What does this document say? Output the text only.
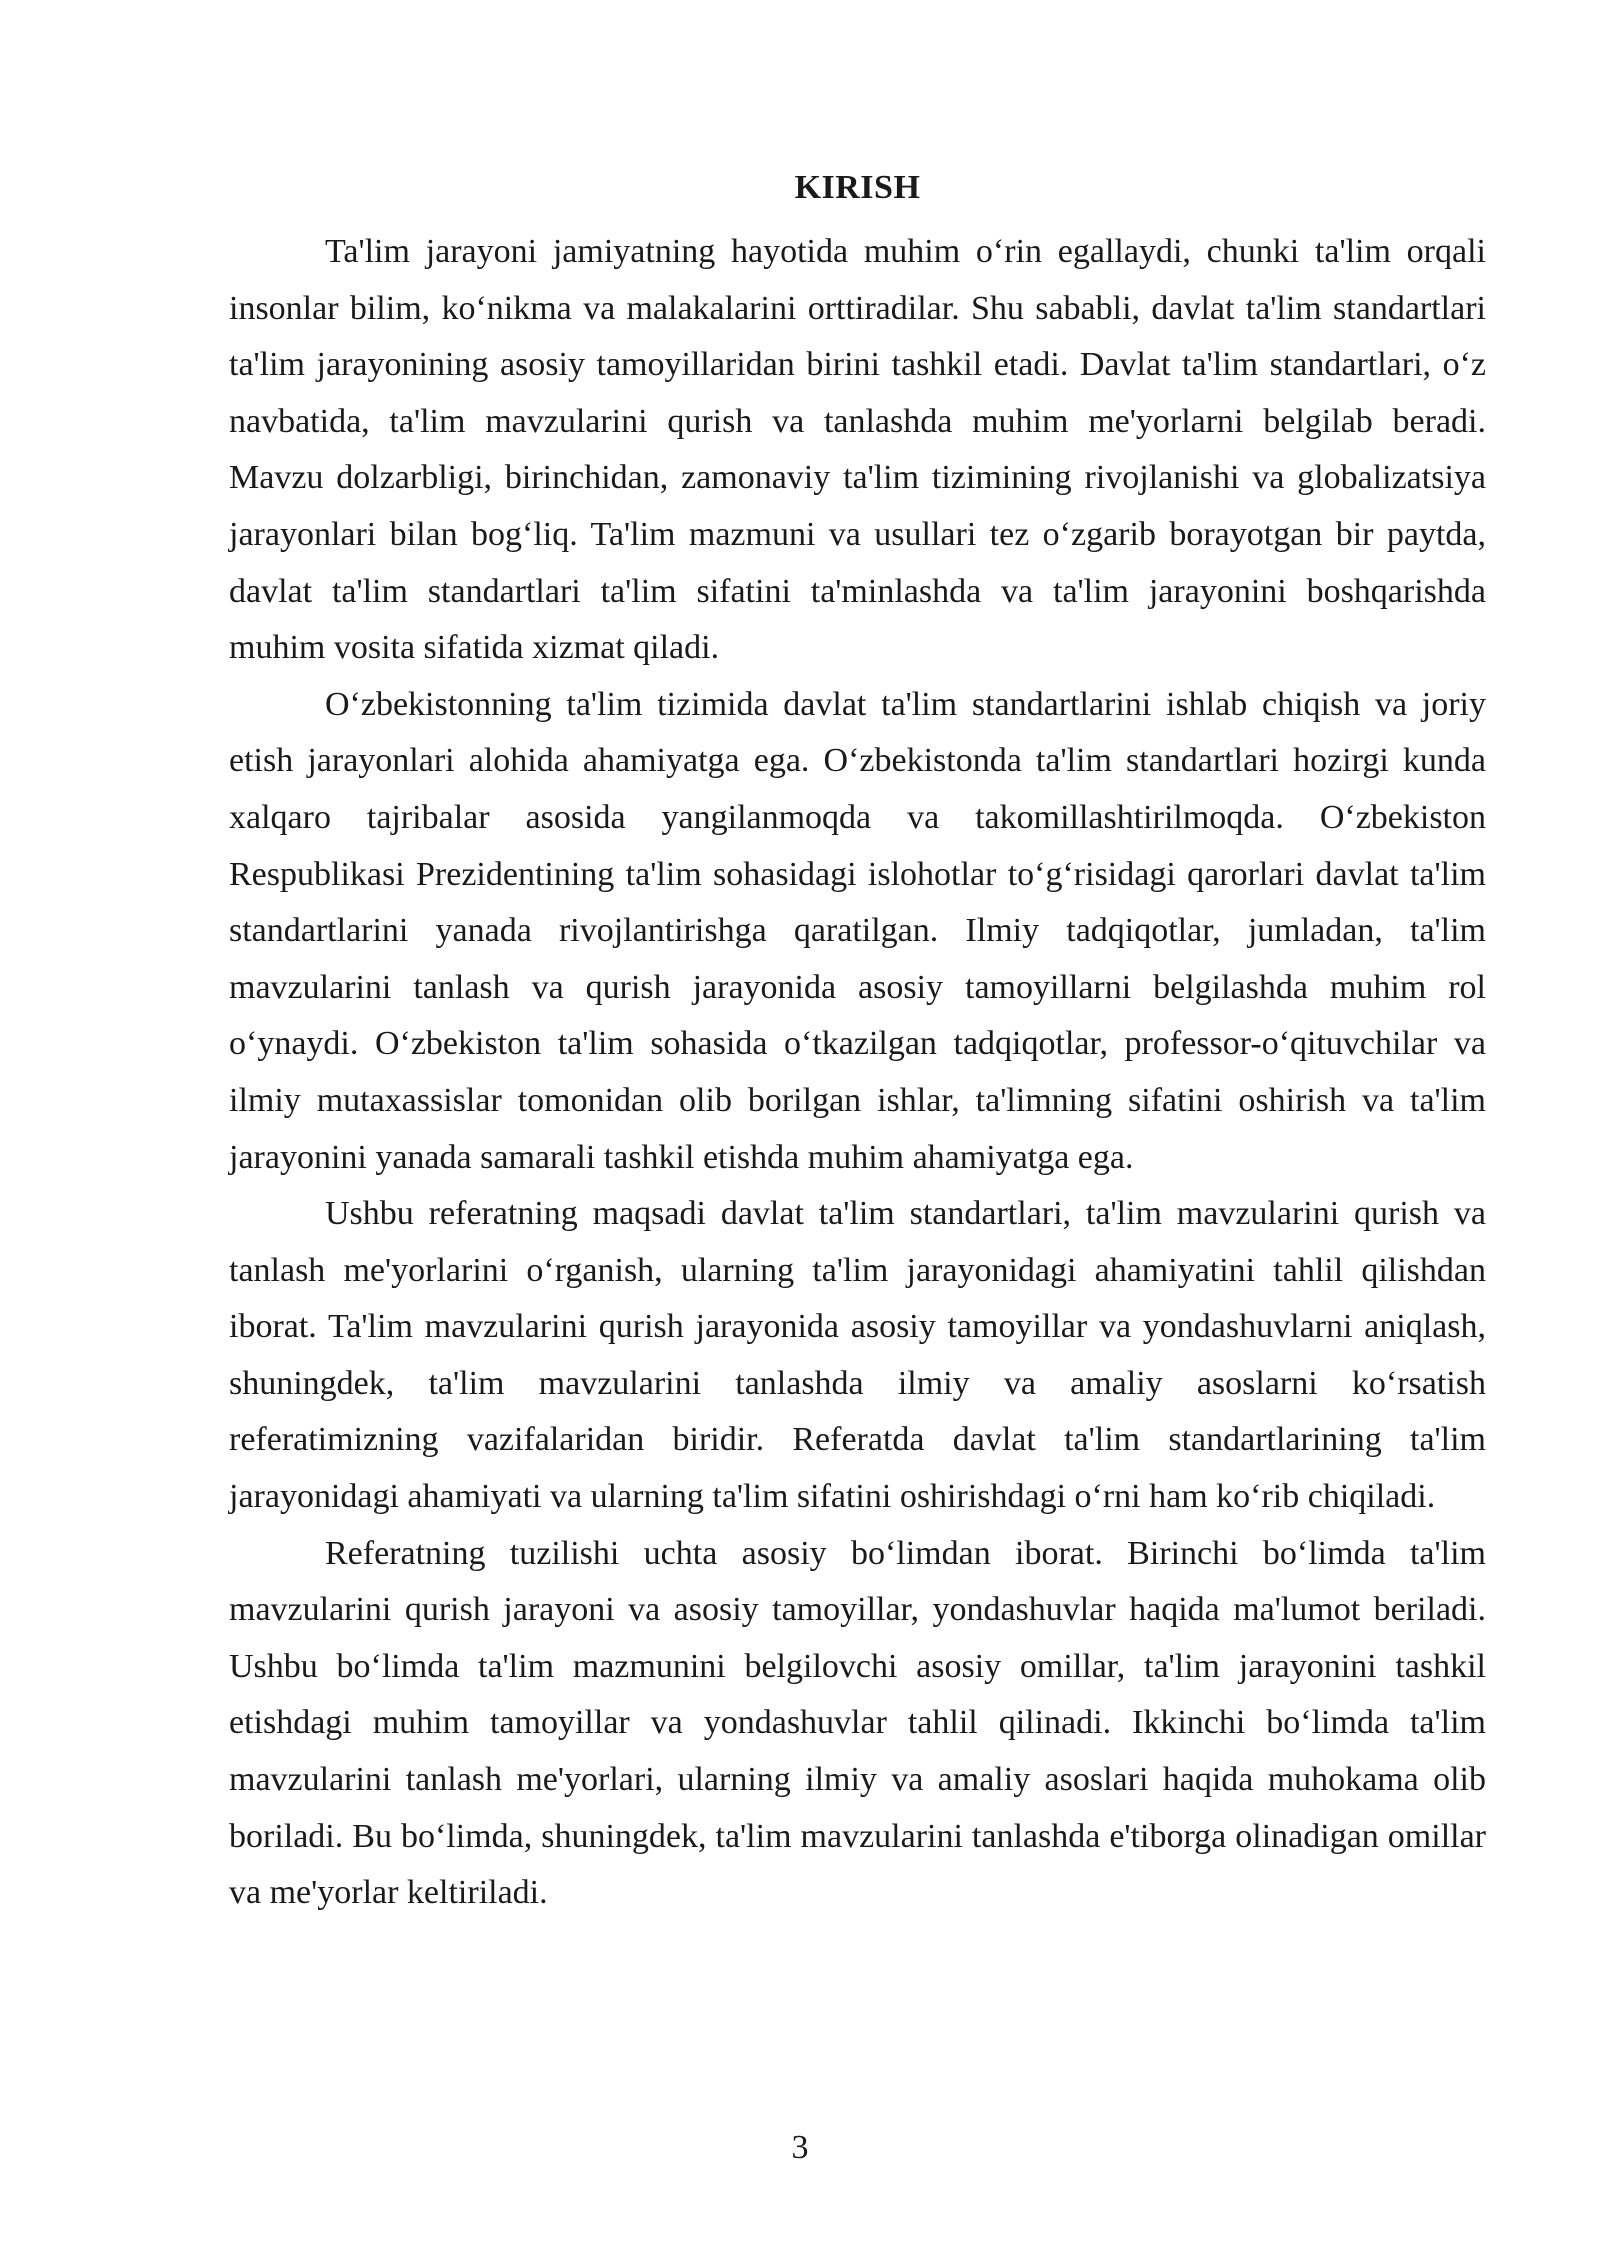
KIRISH

Ta'lim jarayoni jamiyatning hayotida muhim o‘rin egallaydi, chunki ta'lim orqali insonlar bilim, ko‘nikma va malakalarini orttiradilar. Shu sababli, davlat ta'lim standartlari ta'lim jarayonining asosiy tamoyillaridan birini tashkil etadi. Davlat ta'lim standartlari, o‘z navbatida, ta'lim mavzularini qurish va tanlashda muhim me'yorlarni belgilab beradi. Mavzu dolzarbligi, birinchidan, zamonaviy ta'lim tizimining rivojlanishi va globalizatsiya jarayonlari bilan bog‘liq. Ta'lim mazmuni va usullari tez o‘zgarib borayotgan bir paytda, davlat ta'lim standartlari ta'lim sifatini ta'minlashda va ta'lim jarayonini boshqarishda muhim vosita sifatida xizmat qiladi.

O‘zbekistonning ta'lim tizimida davlat ta'lim standartlarini ishlab chiqish va joriy etish jarayonlari alohida ahamiyatga ega. O‘zbekistonda ta'lim standartlari hozirgi kunda xalqaro tajribalar asosida yangilanmoqda va takomillashtirilmoqda. O‘zbekiston Respublikasi Prezidentining ta'lim sohasidagi islohotlar to‘g‘risidagi qarorlari davlat ta'lim standartlarini yanada rivojlantirishga qaratilgan. Ilmiy tadqiqotlar, jumladan, ta'lim mavzularini tanlash va qurish jarayonida asosiy tamoyillarni belgilashda muhim rol o‘ynaydi. O‘zbekiston ta'lim sohasida o‘tkazilgan tadqiqotlar, professor-o‘qituvchilar va ilmiy mutaxassislar tomonidan olib borilgan ishlar, ta'limning sifatini oshirish va ta'lim jarayonini yanada samarali tashkil etishda muhim ahamiyatga ega.

Ushbu referatning maqsadi davlat ta'lim standartlari, ta'lim mavzularini qurish va tanlash me'yorlarini o‘rganish, ularning ta'lim jarayonidagi ahamiyatini tahlil qilishdan iborat. Ta'lim mavzularini qurish jarayonida asosiy tamoyillar va yondashuvlarni aniqlash, shuningdek, ta'lim mavzularini tanlashda ilmiy va amaliy asoslarni ko‘rsatish referatimizning vazifalaridan biridir. Referatda davlat ta'lim standartlarining ta'lim jarayonidagi ahamiyati va ularning ta'lim sifatini oshirishdagi o‘rni ham ko‘rib chiqiladi.

Referatning tuzilishi uchta asosiy bo‘limdan iborat. Birinchi bo‘limda ta'lim mavzularini qurish jarayoni va asosiy tamoyillar, yondashuvlar haqida ma'lumot beriladi. Ushbu bo‘limda ta'lim mazmunini belgilovchi asosiy omillar, ta'lim jarayonini tashkil etishdagi muhim tamoyillar va yondashuvlar tahlil qilinadi. Ikkinchi bo‘limda ta'lim mavzularini tanlash me'yorlari, ularning ilmiy va amaliy asoslari haqida muhokama olib boriladi. Bu bo‘limda, shuningdek, ta'lim mavzularini tanlashda e'tiborga olinadigan omillar va me'yorlar keltiriladi.

3
